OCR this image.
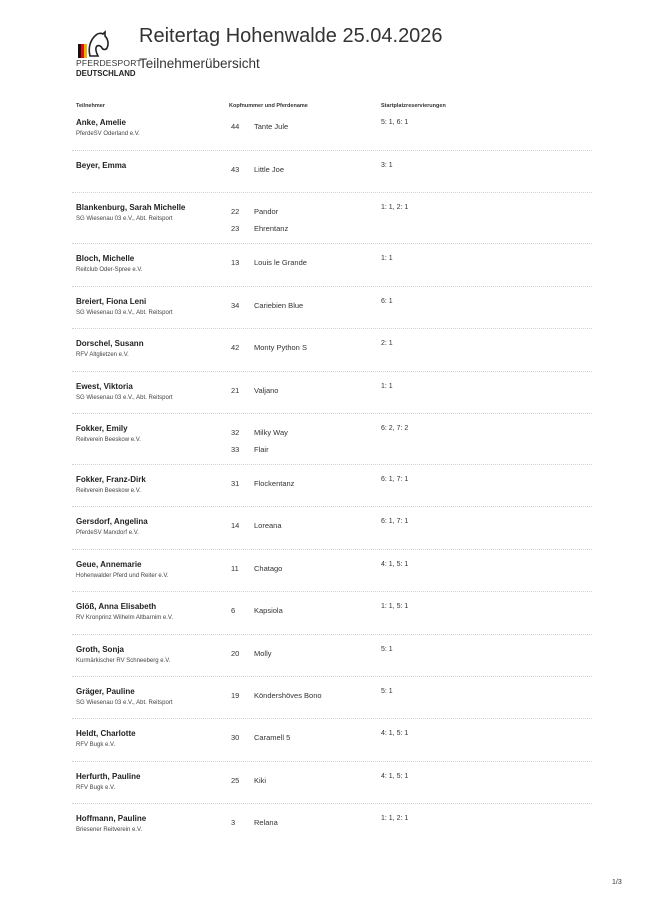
PFERDESPORT
DEUTSCHLAND
Reitertag Hohenwalde 25.04.2026
Teilnehmerübersicht
Teilnehmer	Kopfnummer und Pferdename	Startplatzreservierungen
Anke, Amelie
PferdeSV Oderland e.V.
44 Tante Jule	5: 1, 6: 1
Beyer, Emma	43 Little Joe	3: 1
Blankenburg, Sarah Michelle
SG Wiesenau 03 e.V., Abt. Reitsport
22 Pandor
23 Ehrentanz
1: 1, 2: 1
Bloch, Michelle
Reitclub Oder-Spree e.V.
13 Louis le Grande	1: 1
Breiert, Fiona Leni
SG Wiesenau 03 e.V., Abt. Reitsport
34 Cariebien Blue	6: 1
Dorschel, Susann
RFV Altglietzen e.V.
42 Monty Python S	2: 1
Ewest, Viktoria
SG Wiesenau 03 e.V., Abt. Reitsport
21 Valjano	1: 1
Fokker, Emily
Reitverein Beeskow e.V.
32 Milky Way
33 Flair
6: 2, 7: 2
Fokker, Franz-Dirk
Reitverein Beeskow e.V.
31 Flockentanz	6: 1, 7: 1
Gersdorf, Angelina
PferdeSV Marxdorf e.V.
14 Loreana	6: 1, 7: 1
Geue, Annemarie
Hohenwalder Pferd und Reiter e.V.
11 Chatago	4: 1, 5: 1
Glöß, Anna Elisabeth
RV Kronprinz Wilhelm Altbarnim e.V.
6	Kapsiola	1: 1, 5: 1
Groth, Sonja
Kurmärkischer RV Schneeberg e.V.
20 Molly	5: 1
Gräger, Pauline
SG Wiesenau 03 e.V., Abt. Reitsport
19 Köndershöves Bono	5: 1
Heldt, Charlotte
RFV Bugk e.V.
30 Caramell 5	4: 1, 5: 1
Herfurth, Pauline
RFV Bugk e.V.
25 Kiki	4: 1, 5: 1
Hoffmann, Pauline
Briesener Reitverein e.V.
3	Relana	1: 1, 2: 1
1/3
